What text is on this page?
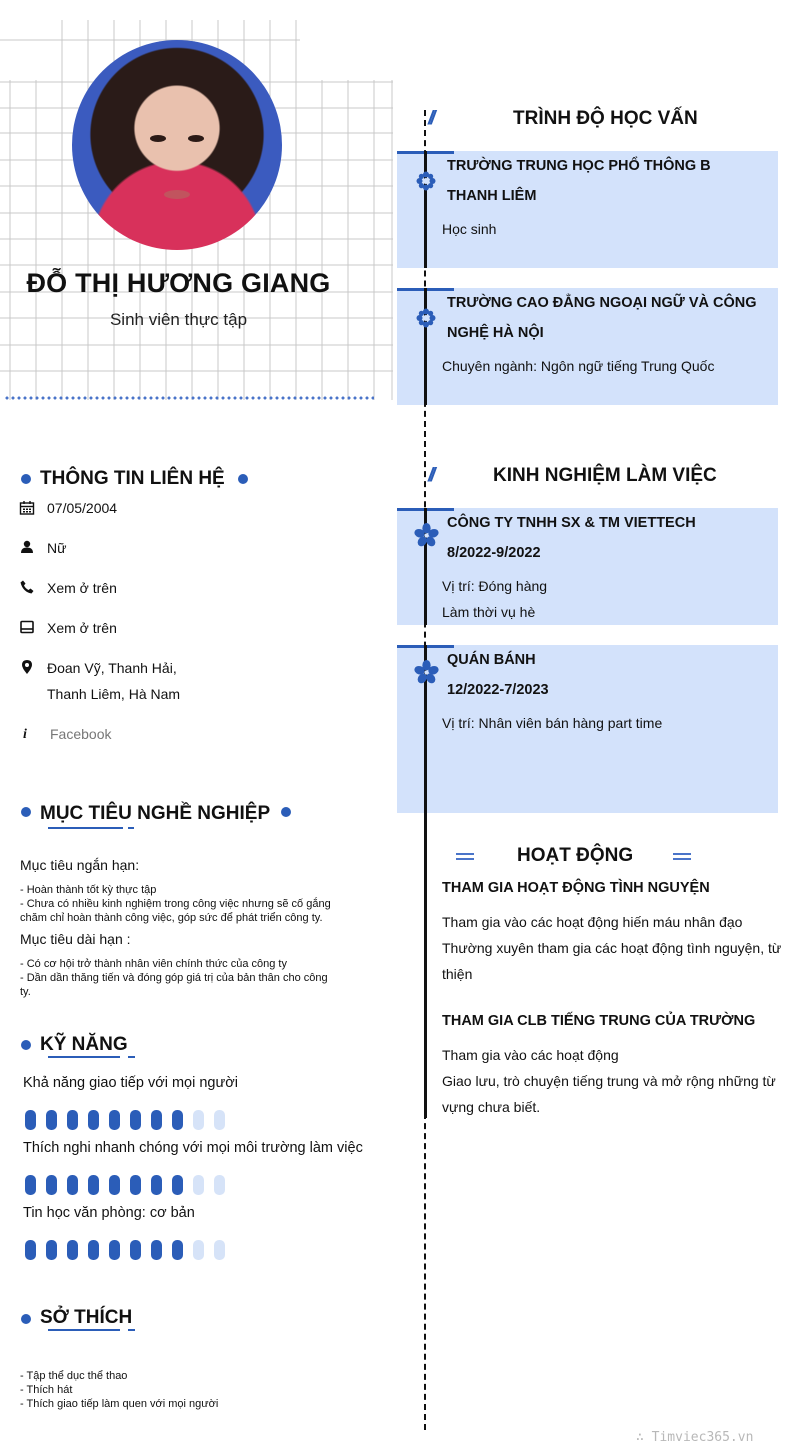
ĐỖ THỊ HƯƠNG GIANG
Sinh viên thực tập
THÔNG TIN LIÊN HỆ
07/05/2004
Nữ
Xem ở trên
Xem ở trên
Đoan Vỹ, Thanh Hải,
Thanh Liêm, Hà Nam
i Facebook
MỤC TIÊU NGHỀ NGHIỆP
Mục tiêu ngắn hạn:
- Hoàn thành tốt kỳ thực tập
- Chưa có nhiều kinh nghiệm trong công việc nhưng sẽ cố gắng
chăm chỉ hoàn thành công việc, góp sức để phát triển công ty.
Mục tiêu dài hạn :
- Có cơ hội trở thành nhân viên chính thức của công ty
- Dần dần thăng tiến và đóng góp giá trị của bản thân cho công
ty.
KỸ NĂNG
Khả năng giao tiếp với mọi người
Thích nghi nhanh chóng với mọi môi trường làm việc
Tin học văn phòng: cơ bản
SỞ THÍCH
- Tập thể dục thể thao
- Thích hát
- Thích giao tiếp làm quen với mọi người
//	TRÌNH ĐỘ HỌC VẤN
TRƯỜNG TRUNG HỌC PHỔ THÔNG B
THANH LIÊM
Học sinh
TRƯỜNG CAO ĐẲNG NGOẠI NGỮ VÀ CÔNG
NGHỆ HÀ NỘI
Chuyên ngành: Ngôn ngữ tiếng Trung Quốc
//	KINH NGHIỆM LÀM VIỆC
CÔNG TY TNHH SX & TM VIETTECH
8/2022-9/2022
Vị trí: Đóng hàng
Làm thời vụ hè
QUÁN BÁNH
12/2022-7/2023
Vị trí: Nhân viên bán hàng part time
HOẠT ĐỘNG
THAM GIA HOẠT ĐỘNG TÌNH NGUYỆN
Tham gia vào các hoạt động hiến máu nhân đạo
Thường xuyên tham gia các hoạt động tình nguyện, từ
thiện
THAM GIA CLB TIẾNG TRUNG CỦA TRƯỜNG
Tham gia vào các hoạt động
Giao lưu, trò chuyện tiếng trung và mở rộng những từ
vựng chưa biết.
∴ Timviec365.vn
